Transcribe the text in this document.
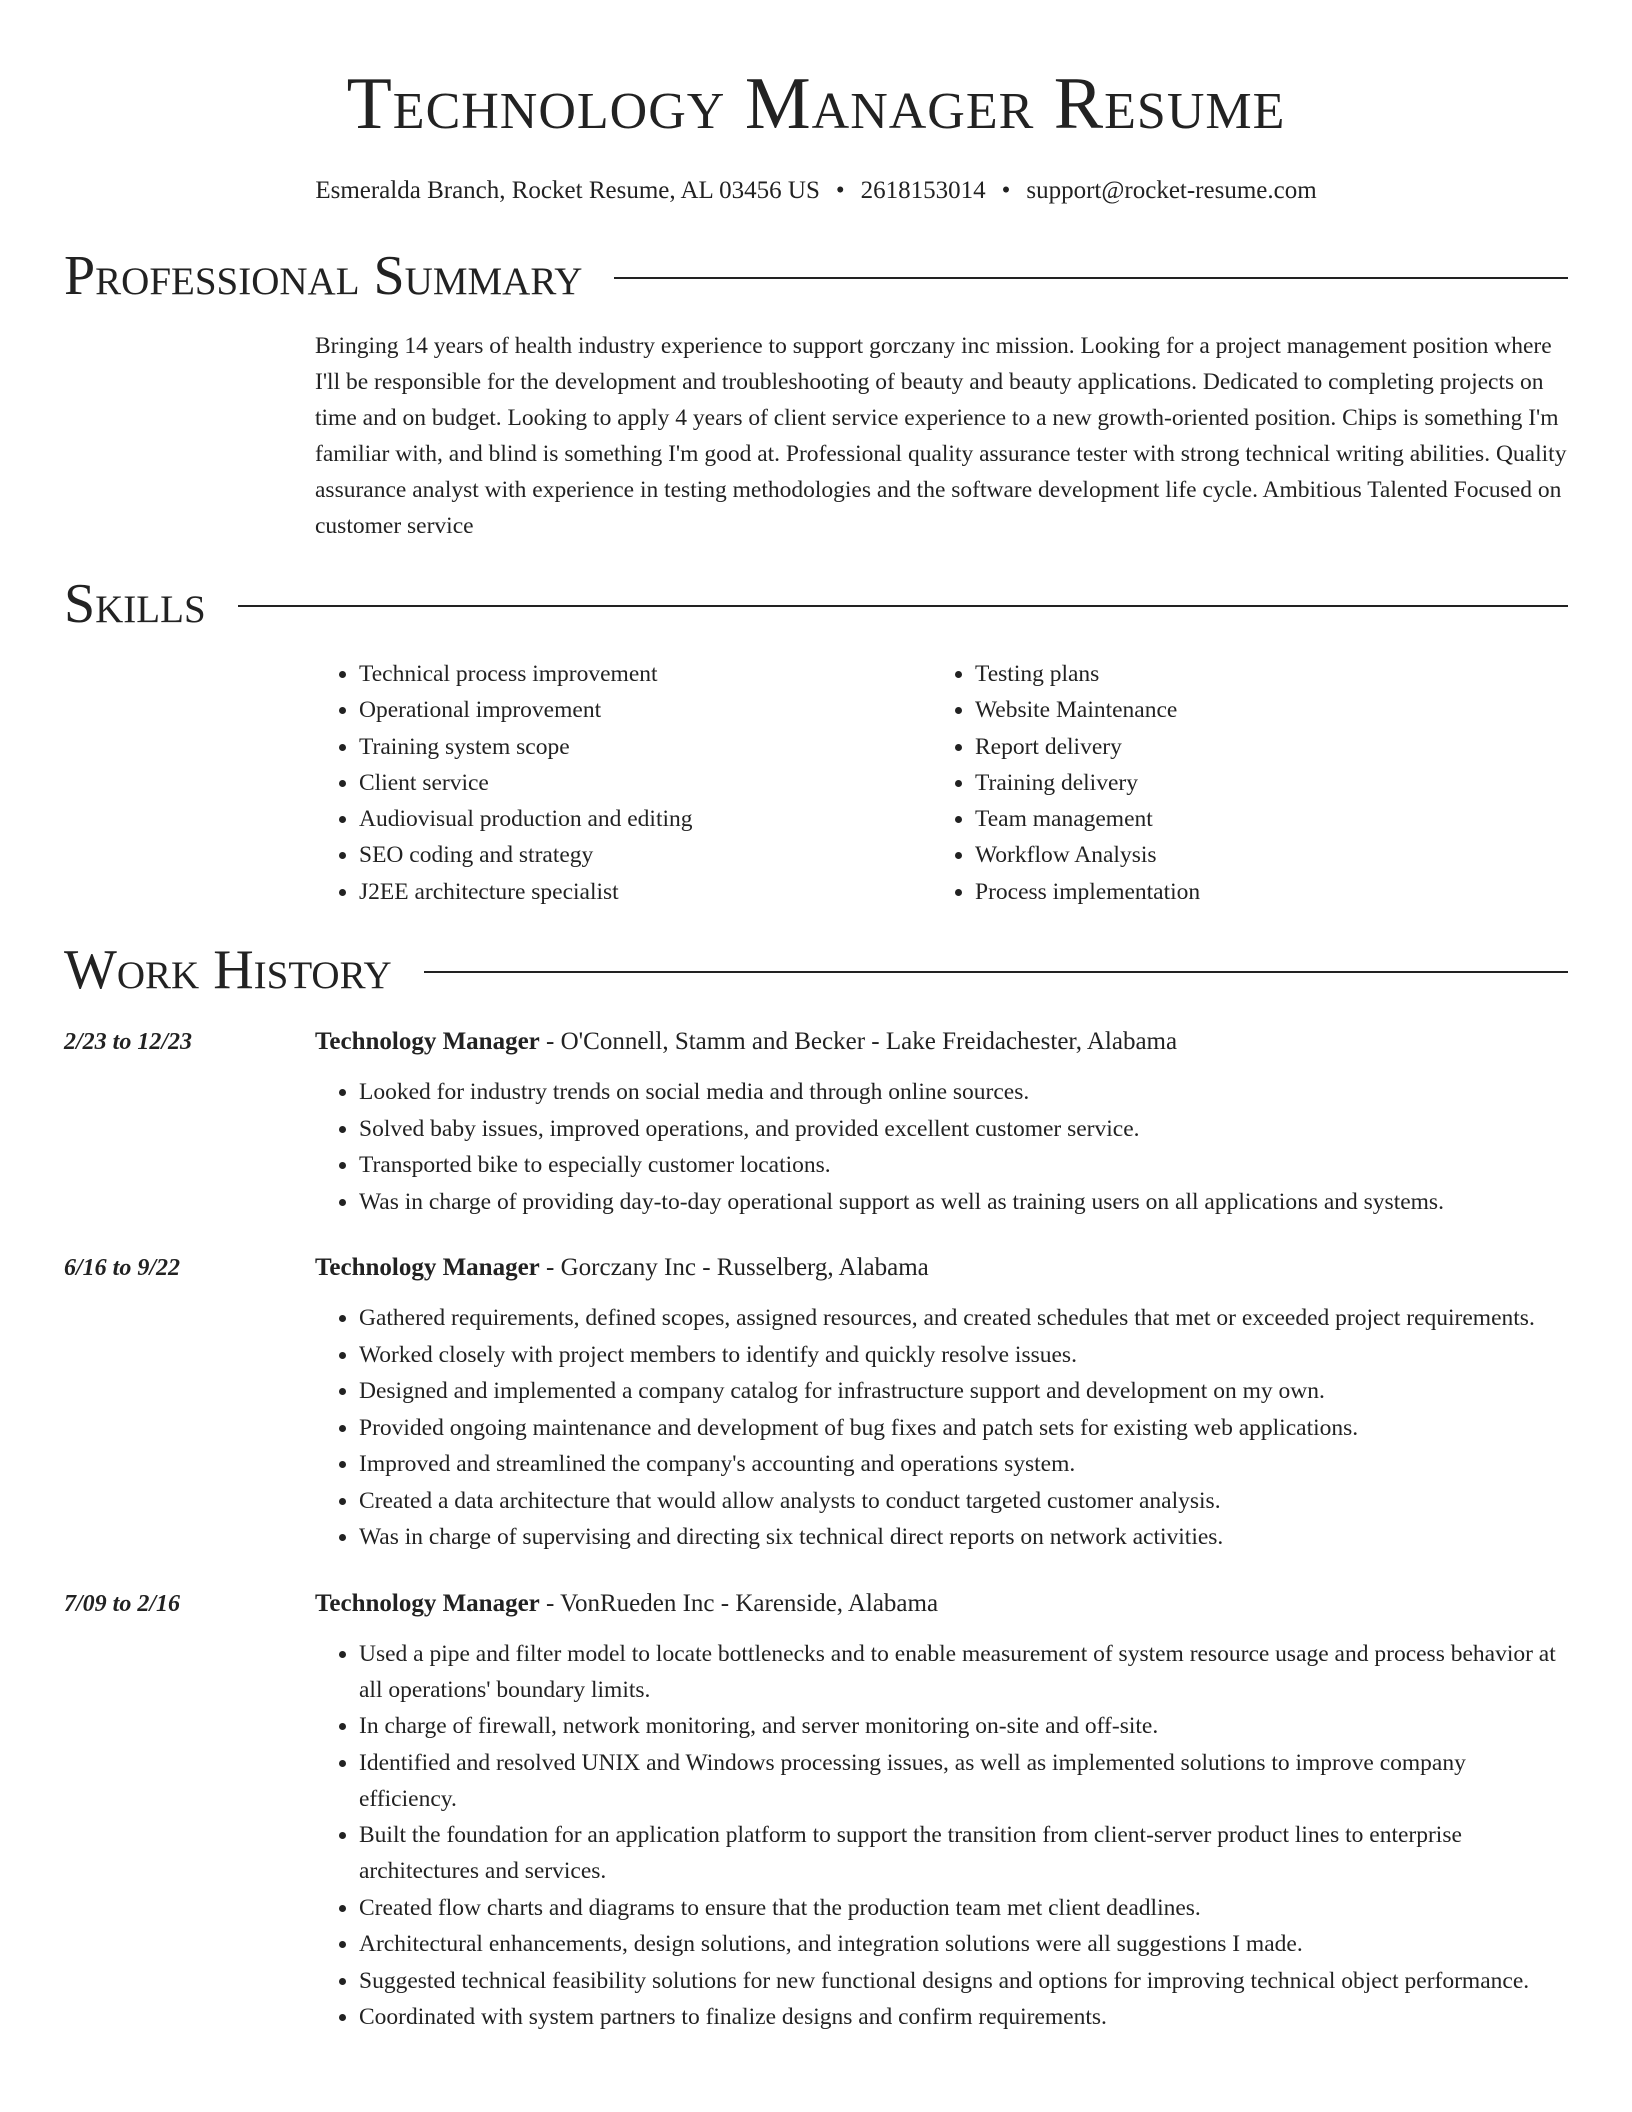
Technology Manager Resume
Esmeralda Branch, Rocket Resume, AL 03456 US • 2618153014 • support@rocket-resume.com
Professional Summary
Bringing 14 years of health industry experience to support gorczany inc mission. Looking for a project management position where I'll be responsible for the development and troubleshooting of beauty and beauty applications. Dedicated to completing projects on time and on budget. Looking to apply 4 years of client service experience to a new growth-oriented position. Chips is something I'm familiar with, and blind is something I'm good at. Professional quality assurance tester with strong technical writing abilities. Quality assurance analyst with experience in testing methodologies and the software development life cycle. Ambitious Talented Focused on customer service
Skills
• Technical process improvement
• Operational improvement
• Training system scope
• Client service
• Audiovisual production and editing
• SEO coding and strategy
• J2EE architecture specialist
• Testing plans
• Website Maintenance
• Report delivery
• Training delivery
• Team management
• Workflow Analysis
• Process implementation
Work History
2/23 to 12/23	Technology Manager - O'Connell, Stamm and Becker - Lake Freidachester, Alabama
• Looked for industry trends on social media and through online sources.
• Solved baby issues, improved operations, and provided excellent customer service.
• Transported bike to especially customer locations.
• Was in charge of providing day-to-day operational support as well as training users on all applications and systems.
6/16 to 9/22	Technology Manager - Gorczany Inc - Russelberg, Alabama
• Gathered requirements, defined scopes, assigned resources, and created schedules that met or exceeded project requirements.
• Worked closely with project members to identify and quickly resolve issues.
• Designed and implemented a company catalog for infrastructure support and development on my own.
• Provided ongoing maintenance and development of bug fixes and patch sets for existing web applications.
• Improved and streamlined the company's accounting and operations system.
• Created a data architecture that would allow analysts to conduct targeted customer analysis.
• Was in charge of supervising and directing six technical direct reports on network activities.
7/09 to 2/16	Technology Manager - VonRueden Inc - Karenside, Alabama
• Used a pipe and filter model to locate bottlenecks and to enable measurement of system resource usage and process behavior at all operations' boundary limits.
• In charge of firewall, network monitoring, and server monitoring on-site and off-site.
• Identified and resolved UNIX and Windows processing issues, as well as implemented solutions to improve company efficiency.
• Built the foundation for an application platform to support the transition from client-server product lines to enterprise architectures and services.
• Created flow charts and diagrams to ensure that the production team met client deadlines.
• Architectural enhancements, design solutions, and integration solutions were all suggestions I made.
• Suggested technical feasibility solutions for new functional designs and options for improving technical object performance.
• Coordinated with system partners to finalize designs and confirm requirements.
